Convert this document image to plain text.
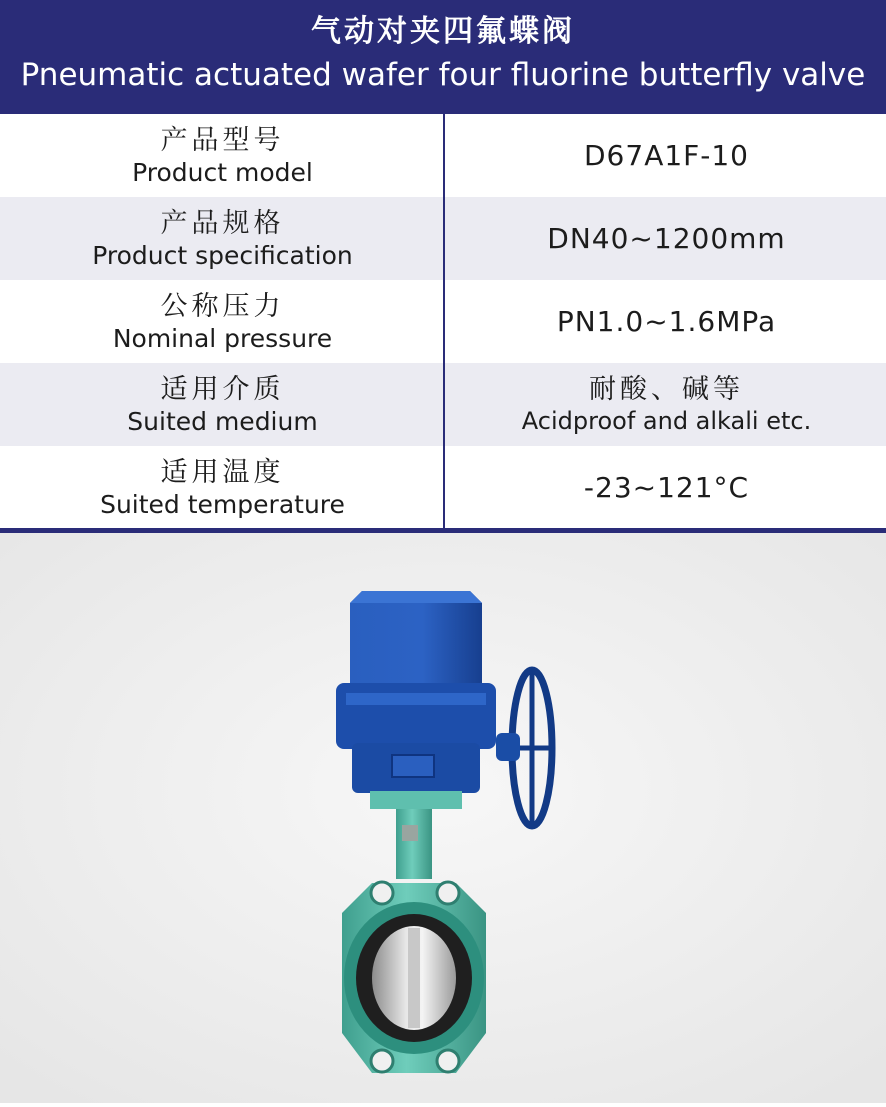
气动对夹四氟蝶阀
Pneumatic actuated wafer four fluorine butterfly valve
产品型号
Product model
D67A1F-10
产品规格
Product specification
DN40~1200mm
公称压力
Nominal pressure
PN1.0~1.6MPa
适用介质
Suited medium
耐酸、碱等
Acidproof and alkali etc.
适用温度
Suited temperature
-23~121°C
